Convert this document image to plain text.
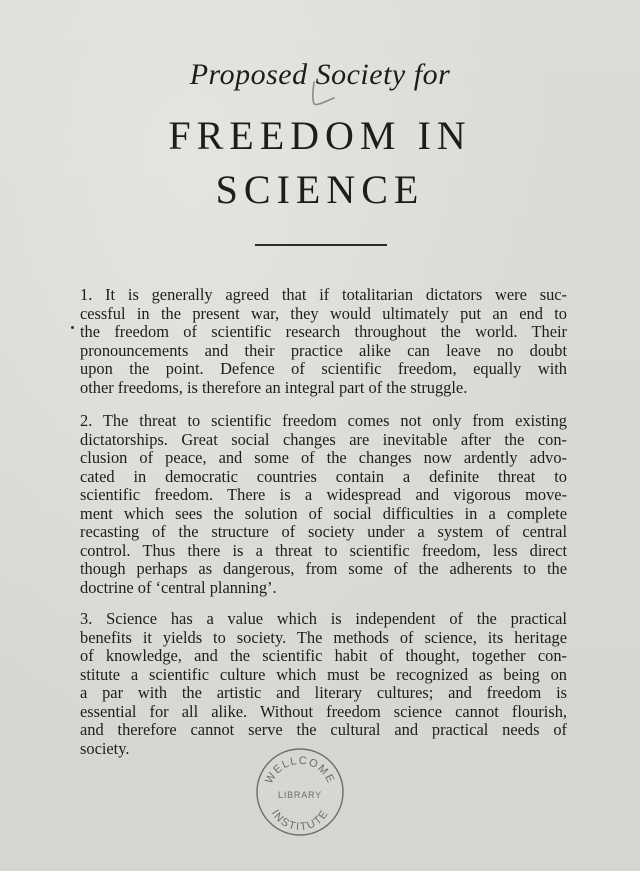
Proposed Society for
FREEDOM IN
SCIENCE
1. It is generally agreed that if totalitarian dictators were suc-
cessful in the present war, they would ultimately put an end to
the freedom of scientific research throughout the world. Their
pronouncements and their practice alike can leave no doubt
upon the point. Defence of scientific freedom, equally with
other freedoms, is therefore an integral part of the struggle.
2. The threat to scientific freedom comes not only from existing
dictatorships. Great social changes are inevitable after the con-
clusion of peace, and some of the changes now ardently advo-
cated in democratic countries contain a definite threat to
scientific freedom. There is a widespread and vigorous move-
ment which sees the solution of social difficulties in a complete
recasting of the structure of society under a system of central
control. Thus there is a threat to scientific freedom, less direct
though perhaps as dangerous, from some of the adherents to the
doctrine of ‘central planning’.
3. Science has a value which is independent of the practical
benefits it yields to society. The methods of science, its heritage
of knowledge, and the scientific habit of thought, together con-
stitute a scientific culture which must be recognized as being on
a par with the artistic and literary cultures; and freedom is
essential for all alike. Without freedom science cannot flourish,
and therefore cannot serve the cultural and practical needs of
society.
WELLCOME
LIBRARY
INSTITUTE
